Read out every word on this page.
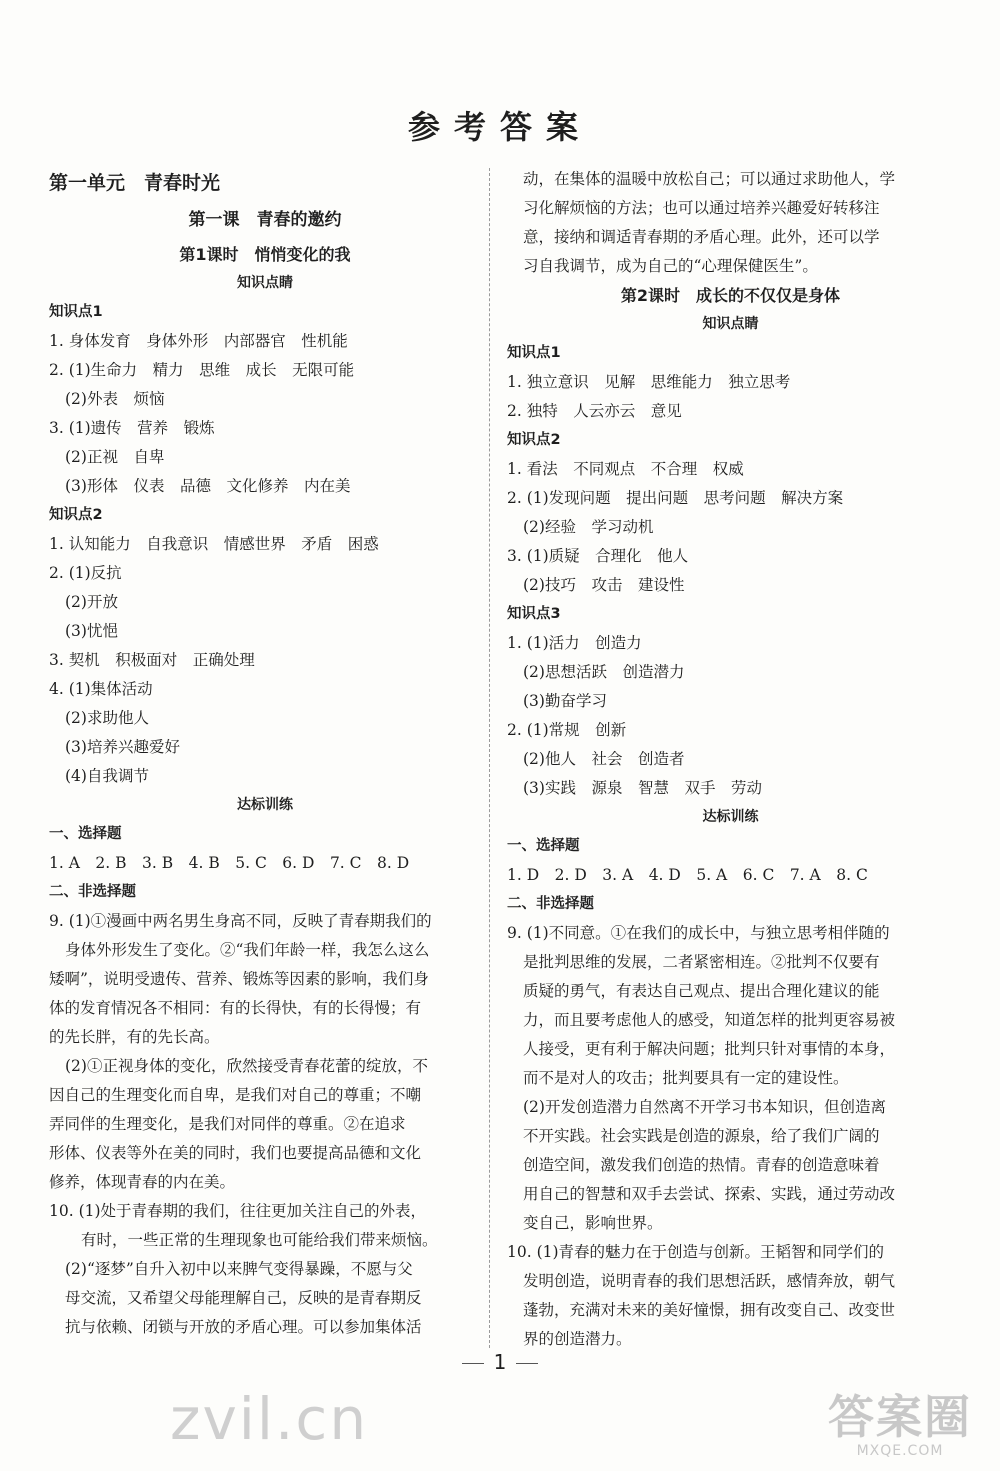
参考答案
第一单元　青春时光
第一课　青春的邀约
第1课时　悄悄变化的我
知识点睛
知识点1
1. 身体发育　身体外形　内部器官　性机能
2. (1)生命力　精力　思维　成长　无限可能
(2)外表　烦恼
3. (1)遗传　营养　锻炼
(2)正视　自卑
(3)形体　仪表　品德　文化修养　内在美
知识点2
1. 认知能力　自我意识　情感世界　矛盾　困惑
2. (1)反抗
(2)开放
(3)忧悒
3. 契机　积极面对　正确处理
4. (1)集体活动
(2)求助他人
(3)培养兴趣爱好
(4)自我调节
达标训练
一、选择题
1. A　2. B　3. B　4. B　5. C　6. D　7. C　8. D
二、非选择题
9. (1)①漫画中两名男生身高不同，反映了青春期我们的
身体外形发生了变化。②“我们年龄一样，我怎么这么
矮啊”，说明受遗传、营养、锻炼等因素的影响，我们身
体的发育情况各不相同：有的长得快，有的长得慢；有
的先长胖，有的先长高。
(2)①正视身体的变化，欣然接受青春花蕾的绽放，不
因自己的生理变化而自卑，是我们对自己的尊重；不嘲
弄同伴的生理变化，是我们对同伴的尊重。②在追求
形体、仪表等外在美的同时，我们也要提高品德和文化
修养，体现青春的内在美。
10. (1)处于青春期的我们，往往更加关注自己的外表，
有时，一些正常的生理现象也可能给我们带来烦恼。
(2)“逐梦”自升入初中以来脾气变得暴躁，不愿与父
母交流，又希望父母能理解自己，反映的是青春期反
抗与依赖、闭锁与开放的矛盾心理。可以参加集体活
动，在集体的温暖中放松自己；可以通过求助他人，学
习化解烦恼的方法；也可以通过培养兴趣爱好转移注
意，接纳和调适青春期的矛盾心理。此外，还可以学
习自我调节，成为自己的“心理保健医生”。
第2课时　成长的不仅仅是身体
知识点睛
知识点1
1. 独立意识　见解　思维能力　独立思考
2. 独特　人云亦云　意见
知识点2
1. 看法　不同观点　不合理　权威
2. (1)发现问题　提出问题　思考问题　解决方案
(2)经验　学习动机
3. (1)质疑　合理化　他人
(2)技巧　攻击　建设性
知识点3
1. (1)活力　创造力
(2)思想活跃　创造潜力
(3)勤奋学习
2. (1)常规　创新
(2)他人　社会　创造者
(3)实践　源泉　智慧　双手　劳动
达标训练
一、选择题
1. D　2. D　3. A　4. D　5. A　6. C　7. A　8. C
二、非选择题
9. (1)不同意。①在我们的成长中，与独立思考相伴随的
是批判思维的发展，二者紧密相连。②批判不仅要有
质疑的勇气，有表达自己观点、提出合理化建议的能
力，而且要考虑他人的感受，知道怎样的批判更容易被
人接受，更有利于解决问题；批判只针对事情的本身，
而不是对人的攻击；批判要具有一定的建设性。
(2)开发创造潜力自然离不开学习书本知识，但创造离
不开实践。社会实践是创造的源泉，给了我们广阔的
创造空间，激发我们创造的热情。青春的创造意味着
用自己的智慧和双手去尝试、探索、实践，通过劳动改
变自己，影响世界。
10. (1)青春的魅力在于创造与创新。王韬智和同学们的
发明创造，说明青春的我们思想活跃，感情奔放，朝气
蓬勃，充满对未来的美好憧憬，拥有改变自己、改变世
界的创造潜力。
1
zvil.cn	答案圈
MXQE.COM
